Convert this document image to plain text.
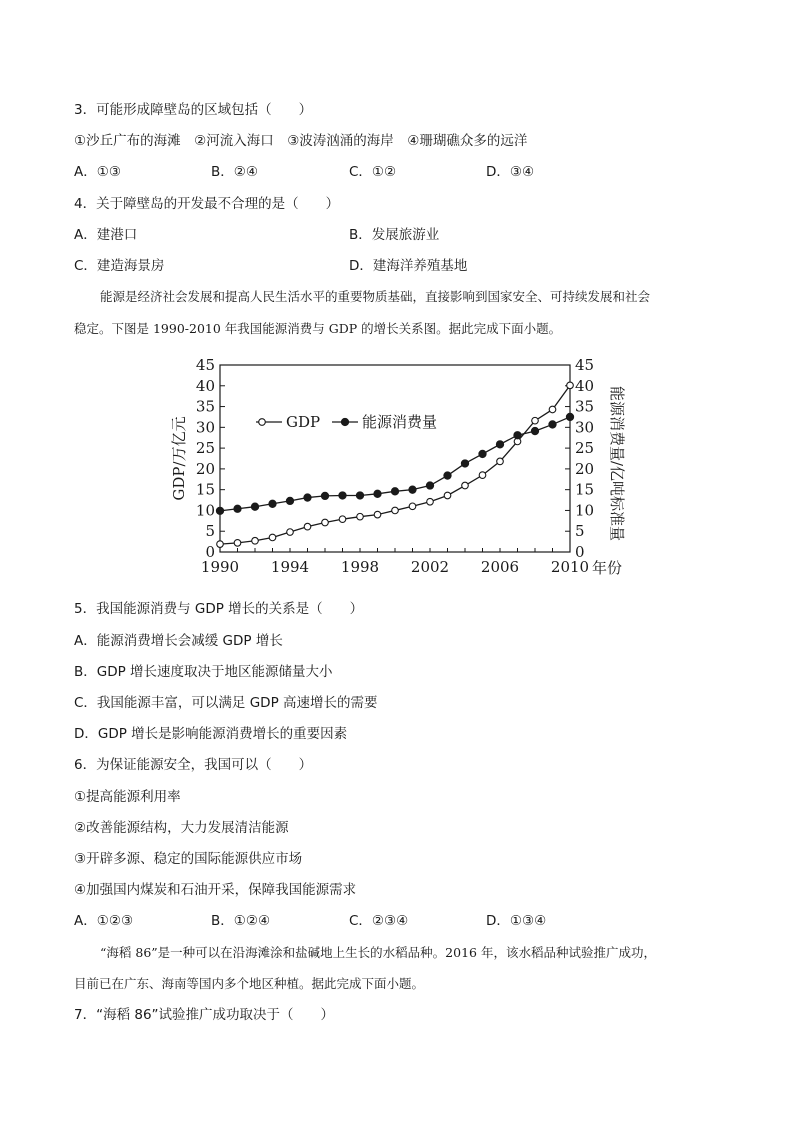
3．可能形成障壁岛的区域包括（　　）
①沙丘广布的海滩　②河流入海口　③波涛汹涌的海岸　④珊瑚礁众多的远洋
A．①③	B．②④	C．①②	D．③④
4．关于障壁岛的开发最不合理的是（　　）
A．建港口	B．发展旅游业
C．建造海景房	D．建海洋养殖基地
能源是经济社会发展和提高人民生活水平的重要物质基础，直接影响到国家安全、可持续发展和社会
稳定。下图是 1990-2010 年我国能源消费与 GDP 的增长关系图。据此完成下面小题。
0	0
5	5
10	10
15	15
20	20
25	25
30	30
35	35
40	40
45	45
1990 1994 1998 2002 2006 2010 年份
GDP/万亿元	能源消费量/亿吨标准量
GDP	能源消费量
5．我国能源消费与 GDP 增长的关系是（　　）
A．能源消费增长会减缓 GDP 增长
B．GDP 增长速度取决于地区能源储量大小
C．我国能源丰富，可以满足 GDP 高速增长的需要
D．GDP 增长是影响能源消费增长的重要因素
6．为保证能源安全，我国可以（　　）
①提高能源利用率
②改善能源结构，大力发展清洁能源
③开辟多源、稳定的国际能源供应市场
④加强国内煤炭和石油开采，保障我国能源需求
A．①②③	B．①②④	C．②③④	D．①③④
“海稻 86”是一种可以在沿海滩涂和盐碱地上生长的水稻品种。2016 年，该水稻品种试验推广成功，
目前已在广东、海南等国内多个地区种植。据此完成下面小题。
7．“海稻 86”试验推广成功取决于（　　）
